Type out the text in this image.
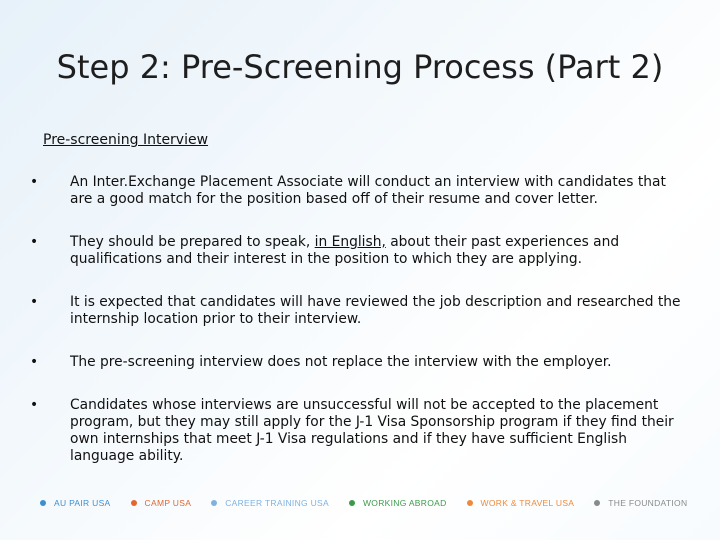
Step 2: Pre-Screening Process (Part 2)
Pre-screening Interview
•	An Inter.Exchange Placement Associate will conduct an interview with candidates that are a good match for the position based off of their resume and cover letter.
•	They should be prepared to speak, in English, about their past experiences and qualifications and their interest in the position to which they are applying.
•	It is expected that candidates will have reviewed the job description and researched the internship location prior to their interview.
•	The pre-screening interview does not replace the interview with the employer.
•	Candidates whose interviews are unsuccessful will not be accepted to the placement program, but they may still apply for the J-1 Visa Sponsorship program if they find their own internships that meet J-1 Visa regulations and if they have sufficient English language ability.
AU PAIR USA	CAMP USA	CAREER TRAINING USA	WORKING ABROAD	WORK & TRAVEL USA	THE FOUNDATION
